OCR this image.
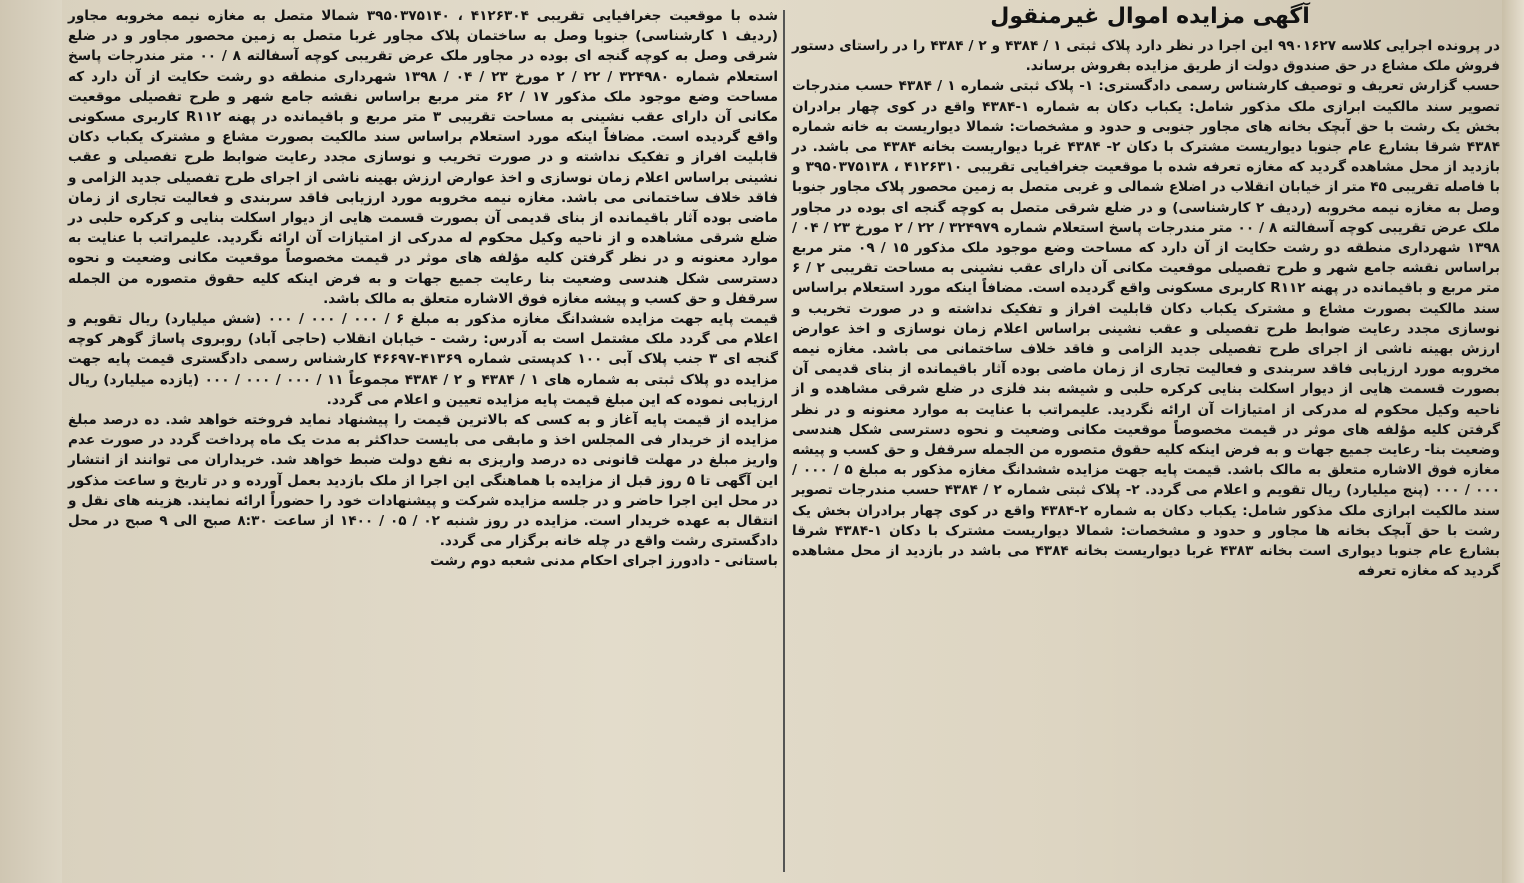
آگهی مزایده اموال غیرمنقول

در پرونده اجرایی کلاسه ۹۹۰۱۶۲۷ این اجرا در نظر دارد پلاک ثبتی ۱ / ۴۳۸۴ و ۲ / ۴۳۸۴ را در راستای دستور فروش ملک مشاع در حق صندوق دولت از طریق مزایده بفروش برساند.

حسب گزارش تعریف و توصیف کارشناس رسمی دادگستری: ۱- پلاک ثبتی شماره ۱ / ۴۳۸۴ حسب مندرجات تصویر سند مالکیت ابرازی ملک مذکور شامل: یکباب دکان به شماره ۱-۴۳۸۴ واقع در کوی چهار برادران بخش یک رشت با حق آبچک بخانه های مجاور جنوبی و حدود و مشخصات: شمالا دیواریست به خانه شماره ۴۳۸۴ شرقا بشارع عام جنوبا دیواریست مشترک با دکان ۲- ۴۳۸۴ غربا دیواریست بخانه ۴۳۸۴ می باشد. در بازدید از محل مشاهده گردید که مغازه تعرفه شده با موقعیت جغرافیایی تقریبی ۴۱۲۶۳۱۰ ، ۳۹۵۰۳۷۵۱۳۸ و با فاصله تقریبی ۴۵ متر از خیابان انقلاب در اضلاع شمالی و غربی متصل به زمین محصور پلاک مجاور جنوبا وصل به مغازه نیمه مخروبه (ردیف ۲ کارشناسی) و در ضلع شرقی متصل به کوچه گنجه ای بوده در مجاور ملک عرض تقریبی کوچه آسفالته ۸ / ۰۰ متر مندرجات پاسخ استعلام شماره ۳۲۴۹۷۹ / ۲۲ / ۲ مورخ ۲۳ / ۰۴ / ۱۳۹۸ شهرداری منطقه دو رشت حکایت از آن دارد که مساحت وضع موجود ملک مذکور ۱۵ / ۰۹ متر مربع براساس نقشه جامع شهر و طرح تفصیلی موقعیت مکانی آن دارای عقب نشینی به مساحت تقریبی ۲ / ۶ متر مربع و باقیمانده در پهنه R۱۱۲ کاربری مسکونی واقع گردیده است. مضافاً اینکه مورد استعلام براساس سند مالکیت بصورت مشاع و مشترک یکباب دکان قابلیت افراز و تفکیک نداشته و در صورت تخریب و نوسازی مجدد رعایت ضوابط طرح تفصیلی و عقب نشینی براساس اعلام زمان نوسازی و اخذ عوارض ارزش بهینه ناشی از اجرای طرح تفصیلی جدید الزامی و فاقد خلاف ساختمانی می باشد. مغازه نیمه مخروبه مورد ارزیابی فاقد سربندی و فعالیت تجاری از زمان ماضی بوده آثار باقیمانده از بنای قدیمی آن بصورت قسمت هایی از دیوار اسکلت بنایی کرکره حلبی و شیشه بند فلزی در ضلع شرقی مشاهده و از ناحیه وکیل محکوم له مدرکی از امتیازات آن ارائه نگردید. علیمراتب با عنایت به موارد معنونه و در نظر گرفتن کلیه مؤلفه های موثر در قیمت مخصوصاً موقعیت مکانی وضعیت و نحوه دسترسی شکل هندسی وضعیت بنا- رعایت جمیع جهات و به فرض اینکه کلیه حقوق متصوره من الجمله سرقفل و حق کسب و پیشه مغازه فوق الاشاره متعلق به مالک باشد. قیمت پایه جهت مزایده ششدانگ مغازه مذکور به مبلغ ۵ / ۰۰۰ / ۰۰۰ / ۰۰۰ (پنج میلیارد) ریال تقویم و اعلام می گردد. ۲- پلاک ثبتی شماره ۲ / ۴۳۸۴ حسب مندرجات تصویر سند مالکیت ابرازی ملک مذکور شامل: یکباب دکان به شماره ۲-۴۳۸۴ واقع در کوی چهار برادران بخش یک رشت با حق آبچک بخانه ها مجاور و حدود و مشخصات: شمالا دیواریست مشترک با دکان ۱-۴۳۸۴ شرقا بشارع عام جنوبا دیواری است بخانه ۴۳۸۳ غربا دیواریست بخانه ۴۳۸۴ می باشد در بازدید از محل مشاهده گردید که مغازه تعرفه

شده با موقعیت جغرافیایی تقریبی ۴۱۲۶۳۰۴ ، ۳۹۵۰۳۷۵۱۴۰ شمالا متصل به مغازه نیمه مخروبه مجاور (ردیف ۱ کارشناسی) جنوبا وصل به ساختمان پلاک مجاور غربا متصل به زمین محصور مجاور و در ضلع شرقی وصل به کوچه گنجه ای بوده در مجاور ملک عرض تقریبی کوچه آسفالته ۸ / ۰۰ متر مندرجات پاسخ استعلام شماره ۳۲۴۹۸۰ / ۲۲ / ۲ مورخ ۲۳ / ۰۴ / ۱۳۹۸ شهرداری منطقه دو رشت حکایت از آن دارد که مساحت وضع موجود ملک مذکور ۱۷ / ۶۲ متر مربع براساس نقشه جامع شهر و طرح تفصیلی موقعیت مکانی آن دارای عقب نشینی به مساحت تقریبی ۳ متر مربع و باقیمانده در پهنه R۱۱۲ کاربری مسکونی واقع گردیده است. مضافاً اینکه مورد استعلام براساس سند مالکیت بصورت مشاع و مشترک یکباب دکان قابلیت افراز و تفکیک نداشته و در صورت تخریب و نوسازی مجدد رعایت ضوابط طرح تفصیلی و عقب نشینی براساس اعلام زمان نوسازی و اخذ عوارض ارزش بهینه ناشی از اجرای طرح تفصیلی جدید الزامی و فاقد خلاف ساختمانی می باشد. مغازه نیمه مخروبه مورد ارزیابی فاقد سربندی و فعالیت تجاری از زمان ماضی بوده آثار باقیمانده از بنای قدیمی آن بصورت قسمت هایی از دیوار اسکلت بنایی و کرکره حلبی در ضلع شرقی مشاهده و از ناحیه وکیل محکوم له مدرکی از امتیازات آن ارائه نگردید. علیمراتب با عنایت به موارد معنونه و در نظر گرفتن کلیه مؤلفه های موثر در قیمت مخصوصاً موقعیت مکانی وضعیت و نحوه دسترسی شکل هندسی وضعیت بنا رعایت جمیع جهات و به فرض اینکه کلیه حقوق متصوره من الجمله سرقفل و حق کسب و پیشه مغازه فوق الاشاره متعلق به مالک باشد.

قیمت پایه جهت مزایده ششدانگ مغازه مذکور به مبلغ ۶ / ۰۰۰ / ۰۰۰ / ۰۰۰ (شش میلیارد) ریال تقویم و اعلام می گردد ملک مشتمل است به آدرس: رشت - خیابان انقلاب (حاجی آباد) روبروی پاساژ گوهر کوچه گنجه ای ۳ جنب پلاک آبی ۱۰۰ کدپستی شماره ۴۱۳۶۹-۴۶۶۹۷ کارشناس رسمی دادگستری قیمت پایه جهت مزایده دو پلاک ثبتی به شماره های ۱ / ۴۳۸۴ و ۲ / ۴۳۸۴ مجموعاً ۱۱ / ۰۰۰ / ۰۰۰ / ۰۰۰ (یازده میلیارد) ریال ارزیابی نموده که این مبلغ قیمت پایه مزایده تعیین و اعلام می گردد.

مزایده از قیمت پایه آغاز و به کسی که بالاترین قیمت را پیشنهاد نماید فروخته خواهد شد. ده درصد مبلغ مزایده از خریدار فی المجلس اخذ و مابقی می بایست حداکثر به مدت یک ماه پرداخت گردد در صورت عدم واریز مبلغ در مهلت قانونی ده درصد واریزی به نفع دولت ضبط خواهد شد. خریداران می توانند از انتشار این آگهی تا ۵ روز قبل از مزایده با هماهنگی این اجرا از ملک بازدید بعمل آورده و در تاریخ و ساعت مذکور در محل این اجرا حاضر و در جلسه مزایده شرکت و پیشنهادات خود را حضوراً ارائه نمایند. هزینه های نقل و انتقال به عهده خریدار است. مزایده در روز شنبه ۰۲ / ۰۵ / ۱۴۰۰ از ساعت ۸:۳۰ صبح الی ۹ صبح در محل دادگستری رشت واقع در چله خانه برگزار می گردد.

باستانی - دادورز اجرای احکام مدنی شعبه دوم رشت
